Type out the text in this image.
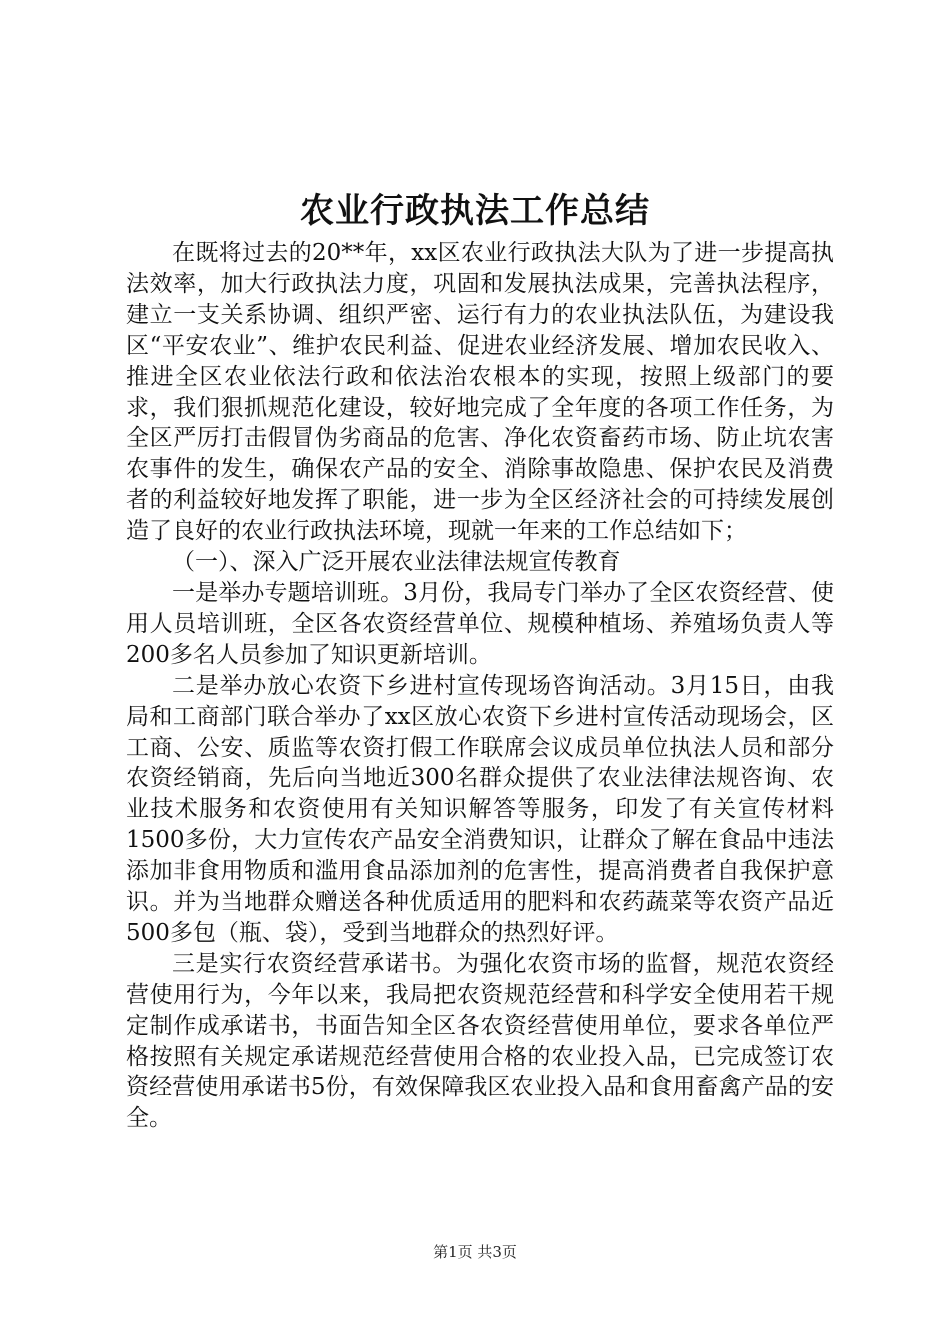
农业行政执法工作总结

在既将过去的20**年，xx区农业行政执法大队为了进一步提高执法效率，加大行政执法力度，巩固和发展执法成果，完善执法程序，建立一支关系协调、组织严密、运行有力的农业执法队伍，为建设我区“平安农业”、维护农民利益、促进农业经济发展、增加农民收入、推进全区农业依法行政和依法治农根本的实现，按照上级部门的要求，我们狠抓规范化建设，较好地完成了全年度的各项工作任务，为全区严厉打击假冒伪劣商品的危害、净化农资畜药市场、防止坑农害农事件的发生，确保农产品的安全、消除事故隐患、保护农民及消费者的利益较好地发挥了职能，进一步为全区经济社会的可持续发展创造了良好的农业行政执法环境，现就一年来的工作总结如下；

（一）、深入广泛开展农业法律法规宣传教育

一是举办专题培训班。3月份，我局专门举办了全区农资经营、使用人员培训班，全区各农资经营单位、规模种植场、养殖场负责人等200多名人员参加了知识更新培训。

二是举办放心农资下乡进村宣传现场咨询活动。3月15日，由我局和工商部门联合举办了xx区放心农资下乡进村宣传活动现场会，区工商、公安、质监等农资打假工作联席会议成员单位执法人员和部分农资经销商，先后向当地近300名群众提供了农业法律法规咨询、农业技术服务和农资使用有关知识解答等服务，印发了有关宣传材料1500多份，大力宣传农产品安全消费知识，让群众了解在食品中违法添加非食用物质和滥用食品添加剂的危害性，提高消费者自我保护意识。并为当地群众赠送各种优质适用的肥料和农药蔬菜等农资产品近500多包（瓶、袋），受到当地群众的热烈好评。

三是实行农资经营承诺书。为强化农资市场的监督，规范农资经营使用行为，今年以来，我局把农资规范经营和科学安全使用若干规定制作成承诺书，书面告知全区各农资经营使用单位，要求各单位严格按照有关规定承诺规范经营使用合格的农业投入品，已完成签订农资经营使用承诺书5份，有效保障我区农业投入品和食用畜禽产品的安全。

第1页 共3页
